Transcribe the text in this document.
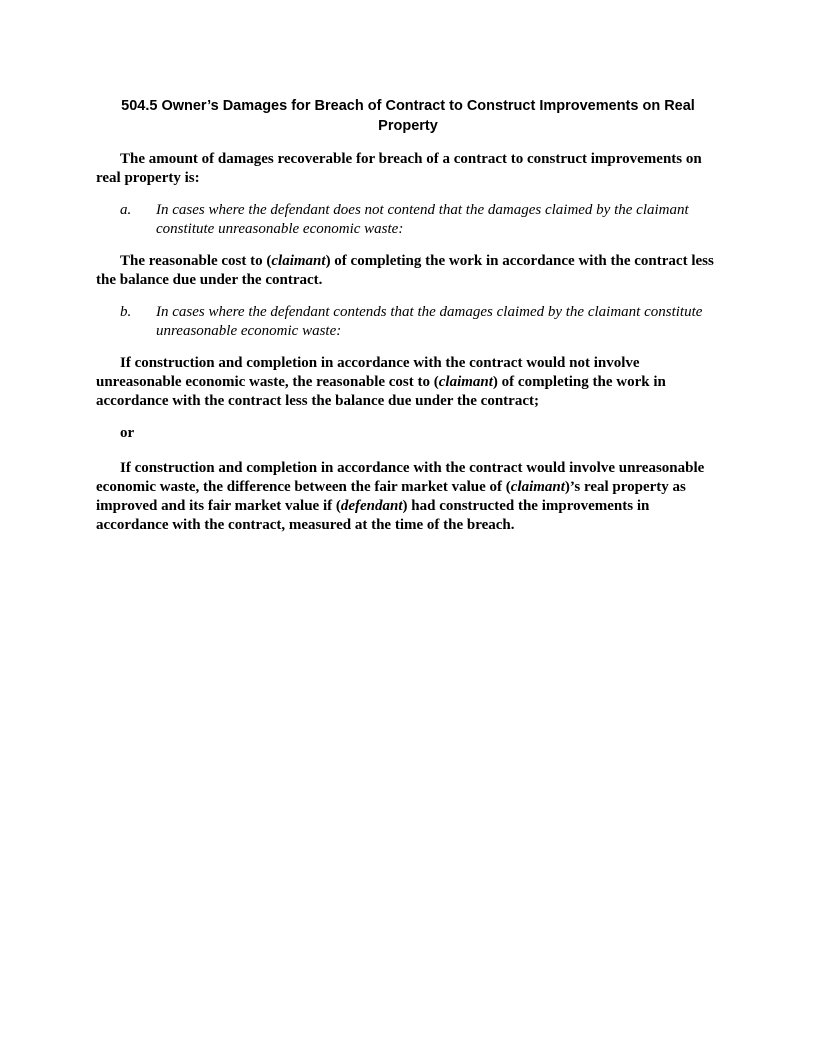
504.5 Owner’s Damages for Breach of Contract to Construct Improvements on Real Property

The amount of damages recoverable for breach of a contract to construct improvements on real property is:

a.	In cases where the defendant does not contend that the damages claimed by the claimant constitute unreasonable economic waste:

The reasonable cost to (claimant) of completing the work in accordance with the contract less the balance due under the contract.

b.	In cases where the defendant contends that the damages claimed by the claimant constitute unreasonable economic waste:

If construction and completion in accordance with the contract would not involve unreasonable economic waste, the reasonable cost to (claimant) of completing the work in accordance with the contract less the balance due under the contract;

or

If construction and completion in accordance with the contract would involve unreasonable economic waste, the difference between the fair market value of (claimant)’s real property as improved and its fair market value if (defendant) had constructed the improvements in accordance with the contract, measured at the time of the breach.
